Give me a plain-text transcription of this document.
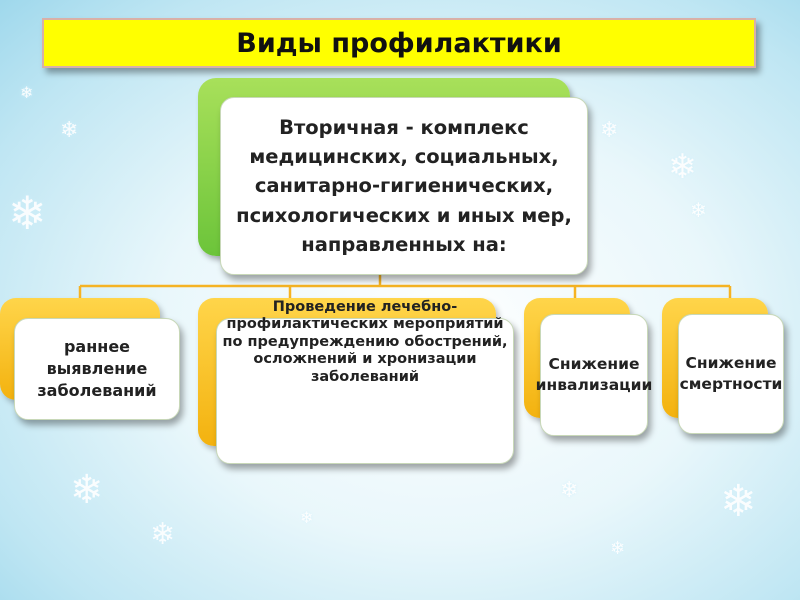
❄
❄
❄
❄
❄
❄
❄
❄
❄
❄
❄
❄
Виды профилактики
Вторичная - комплекс медицинских, социальных, санитарно-гигиенических, психологических и иных мер, направленных на:
раннее выявление заболеваний
Проведение лечебно-профилактических мероприятий по предупреждению обострений, осложнений и хронизации заболеваний
Снижение инвализации
Снижение смертности
